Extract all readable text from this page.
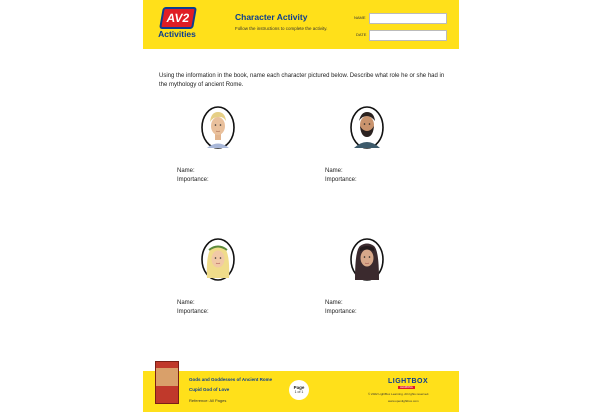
AV2
Activities
Character Activity
Follow the instructions to complete the activity.
NAME
DATE
Using the information in the book, name each character pictured below. Describe what role he or she had in the mythology of ancient Rome.
Name:
Importance:
Name:
Importance:
Name:
Importance:
Name:
Importance:
Gods and Goddesses of Ancient Rome
Cupid God of Love
Reference: All Pages
Page
1 of 1
LIGHTBOX
LEARNING
© 2022 LightBox Learning. All rights reserved.
www.openlightbox.com
